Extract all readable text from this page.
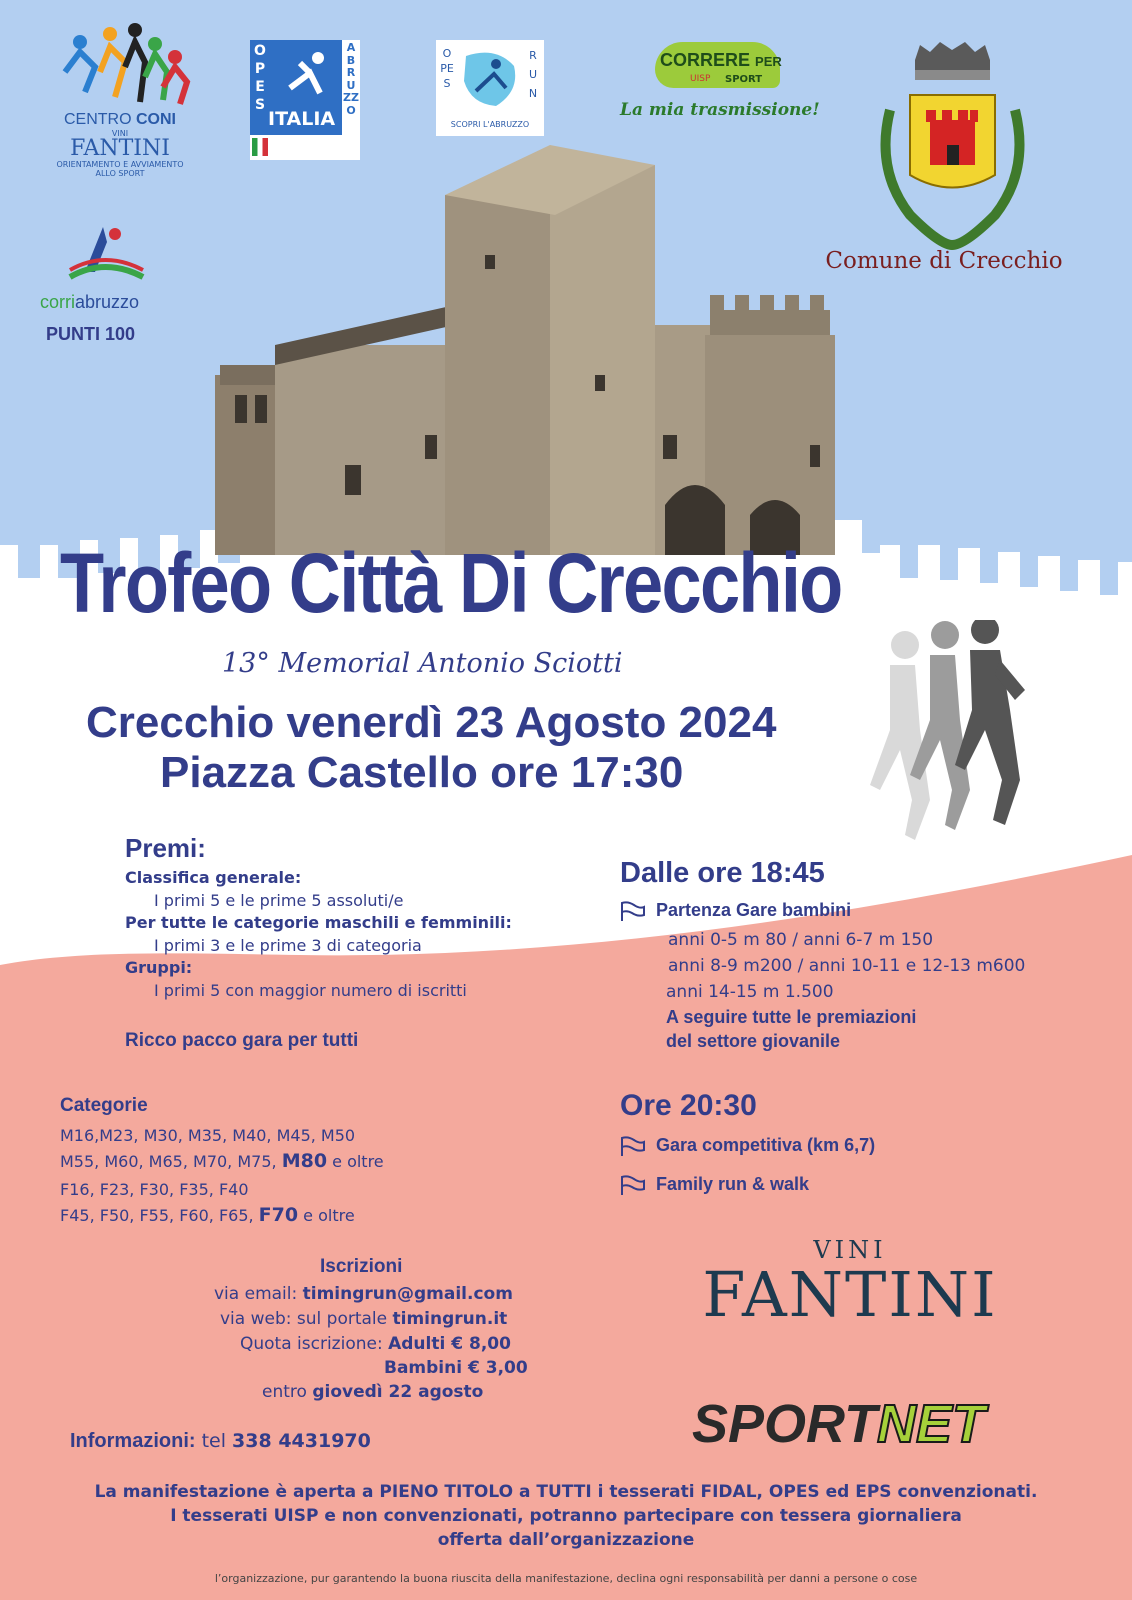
CENTRO CONI
VINI
FANTINI
ORIENTAMENTO E AVVIAMENTO
ALLO SPORT
OPES
ITALIA
ABRUZZO
OPES
RUN
SCOPRI L'ABRUZZO
CORRERE PER
UISP SPORT
La mia trasmissione!
Comune di Crecchio
corriabruzzo
PUNTI 100
Trofeo Città Di Crecchio
13° Memorial Antonio Sciotti
Crecchio venerdì 23 Agosto 2024
Piazza Castello ore 17:30
Premi:
Classifica generale:
I primi 5 e le prime 5 assoluti/e
Per tutte le categorie maschili e femminili:
I primi 3 e le prime 3 di categoria
Gruppi:
I primi 5 con maggior numero di iscritti
Ricco pacco gara per tutti
Categorie
M16,M23, M30, M35, M40, M45, M50
M55, M60, M65, M70, M75, M80 e oltre
F16, F23, F30, F35, F40
F45, F50, F55, F60, F65, F70 e oltre
Iscrizioni
via email: timingrun@gmail.com
via web: sul portale timingrun.it
Quota iscrizione: Adulti € 8,00
Bambini € 3,00
entro giovedì 22 agosto
Informazioni: tel 338 4431970
Dalle ore 18:45
Partenza Gare bambini
anni 0-5 m 80 / anni 6-7 m 150
anni 8-9 m200 / anni 10-11 e 12-13 m600
anni 14-15 m 1.500
A seguire tutte le premiazioni
del settore giovanile
Ore 20:30
Gara competitiva (km 6,7)
Family run & walk
VINI
FANTINI
SPORTNET
La manifestazione è aperta a PIENO TITOLO a TUTTI i tesserati FIDAL, OPES ed EPS convenzionati.
I tesserati UISP e non convenzionati, potranno partecipare con tessera giornaliera
offerta dall’organizzazione
l’organizzazione, pur garantendo la buona riuscita della manifestazione, declina ogni responsabilità per danni a persone o cose
